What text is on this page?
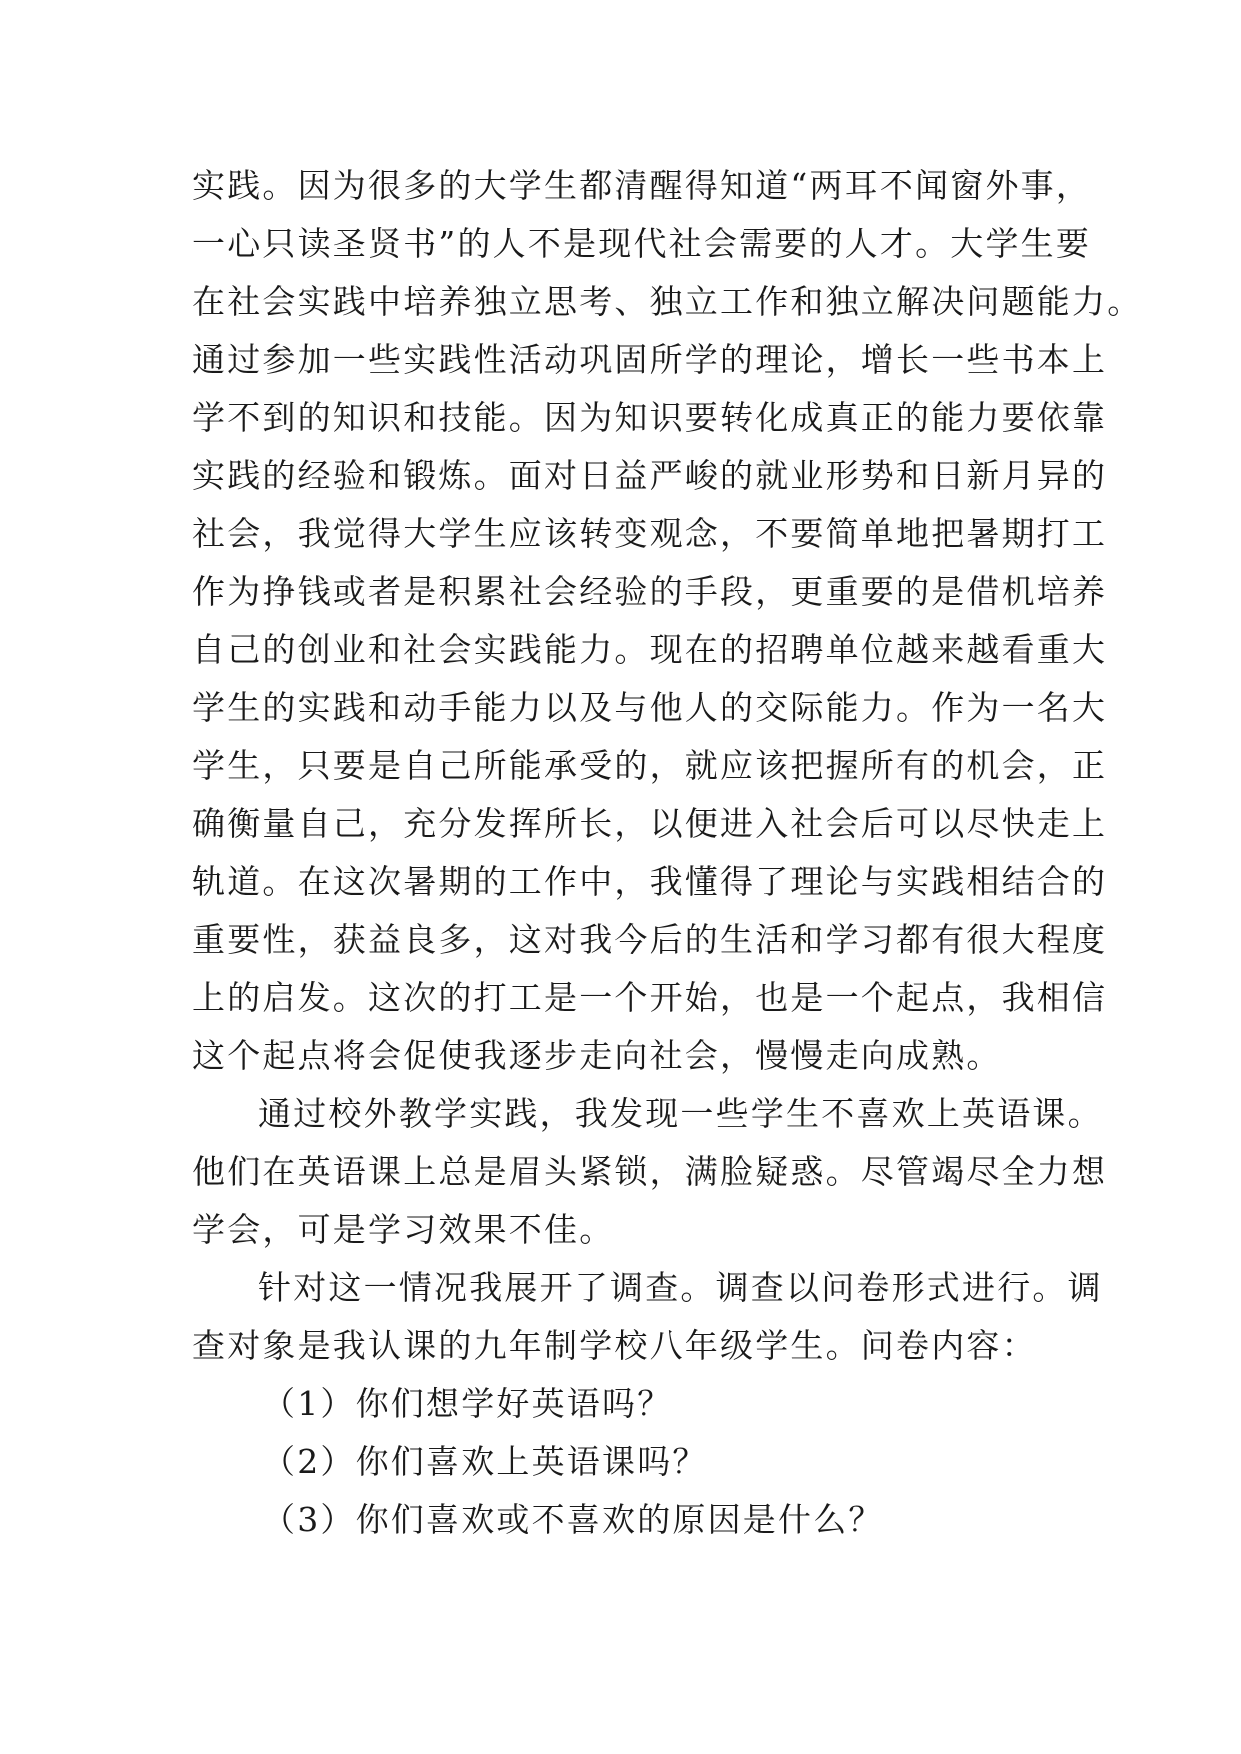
实践。因为很多的大学生都清醒得知道“两耳不闻窗外事，
一心只读圣贤书”的人不是现代社会需要的人才。大学生要
在社会实践中培养独立思考、独立工作和独立解决问题能力。
通过参加一些实践性活动巩固所学的理论，增长一些书本上
学不到的知识和技能。因为知识要转化成真正的能力要依靠
实践的经验和锻炼。面对日益严峻的就业形势和日新月异的
社会，我觉得大学生应该转变观念，不要简单地把暑期打工
作为挣钱或者是积累社会经验的手段，更重要的是借机培养
自己的创业和社会实践能力。现在的招聘单位越来越看重大
学生的实践和动手能力以及与他人的交际能力。作为一名大
学生，只要是自己所能承受的，就应该把握所有的机会，正
确衡量自己，充分发挥所长，以便进入社会后可以尽快走上
轨道。在这次暑期的工作中，我懂得了理论与实践相结合的
重要性，获益良多，这对我今后的生活和学习都有很大程度
上的启发。这次的打工是一个开始，也是一个起点，我相信
这个起点将会促使我逐步走向社会，慢慢走向成熟。
通过校外教学实践，我发现一些学生不喜欢上英语课。
他们在英语课上总是眉头紧锁，满脸疑惑。尽管竭尽全力想
学会，可是学习效果不佳。
针对这一情况我展开了调查。调查以问卷形式进行。调
查对象是我认课的九年制学校八年级学生。问卷内容：
（1）你们想学好英语吗？
（2）你们喜欢上英语课吗？
（3）你们喜欢或不喜欢的原因是什么？
